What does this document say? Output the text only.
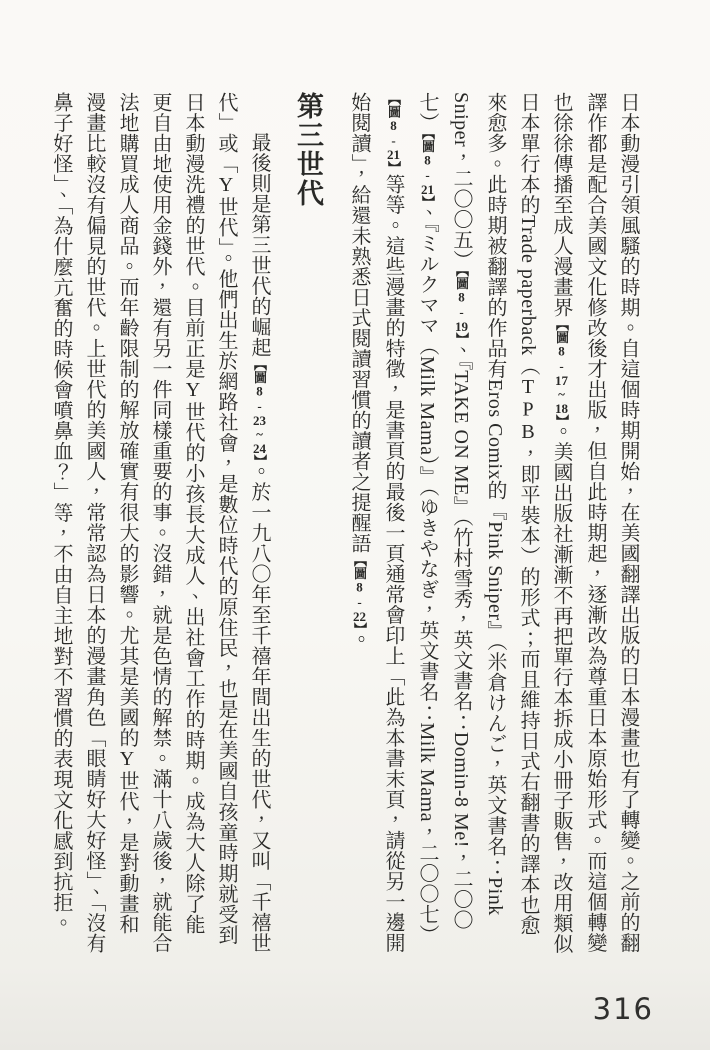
日本動漫引領風騷的時期。自這個時期開始，在美國翻譯出版的日本漫畫也有了轉變。之前的翻譯作都是配合美國文化修改後才出版，但自此時期起，逐漸改為尊重日本原始形式。而這個轉變也徐徐傳播至成人漫畫界【圖8-17~18】。美國出版社漸漸不再把單行本拆成小冊子販售，改用類似日本單行本的Trade paperback（TPB，即平裝本）的形式；而且維持日式右翻書的譯本也愈來愈多。此時期被翻譯的作品有Eros Comix的『Pink Sniper』（米倉けんご，英文書名：Pink Sniper，二〇〇五）【圖8-19】、『TAKE ON ME』（竹村雪秀，英文書名：Domin-8 Me!，二〇〇七）【圖8-21】、『ミルクママ（Milk Mama）』（ゆきやなぎ，英文書名：Milk Mama，二〇〇七）【圖8-21】等等。這些漫畫的特徵，是書頁的最後一頁通常會印上「此為本書末頁，請從另一邊開始閱讀」，給還未熟悉日式閱讀習慣的讀者之提醒語【圖8-22】。

第三世代

最後則是第三世代的崛起【圖8-23~24】。於一九八〇年至千禧年間出生的世代，又叫「千禧世代」或「Y世代」。他們出生於網路社會，是數位時代的原住民，也是在美國自孩童時期就受到日本動漫洗禮的世代。目前正是Y世代的小孩長大成人、出社會工作的時期。成為大人除了能更自由地使用金錢外，還有另一件同樣重要的事。沒錯，就是色情的解禁。滿十八歲後，就能合法地購買成人商品。而年齡限制的解放確實有很大的影響。尤其是美國的Y世代，是對動畫和漫畫比較沒有偏見的世代。上世代的美國人，常常認為日本的漫畫角色「眼睛好大好怪」、「沒有鼻子好怪」、「為什麼亢奮的時候會噴鼻血？」等，不由自主地對不習慣的表現文化感到抗拒。

316
